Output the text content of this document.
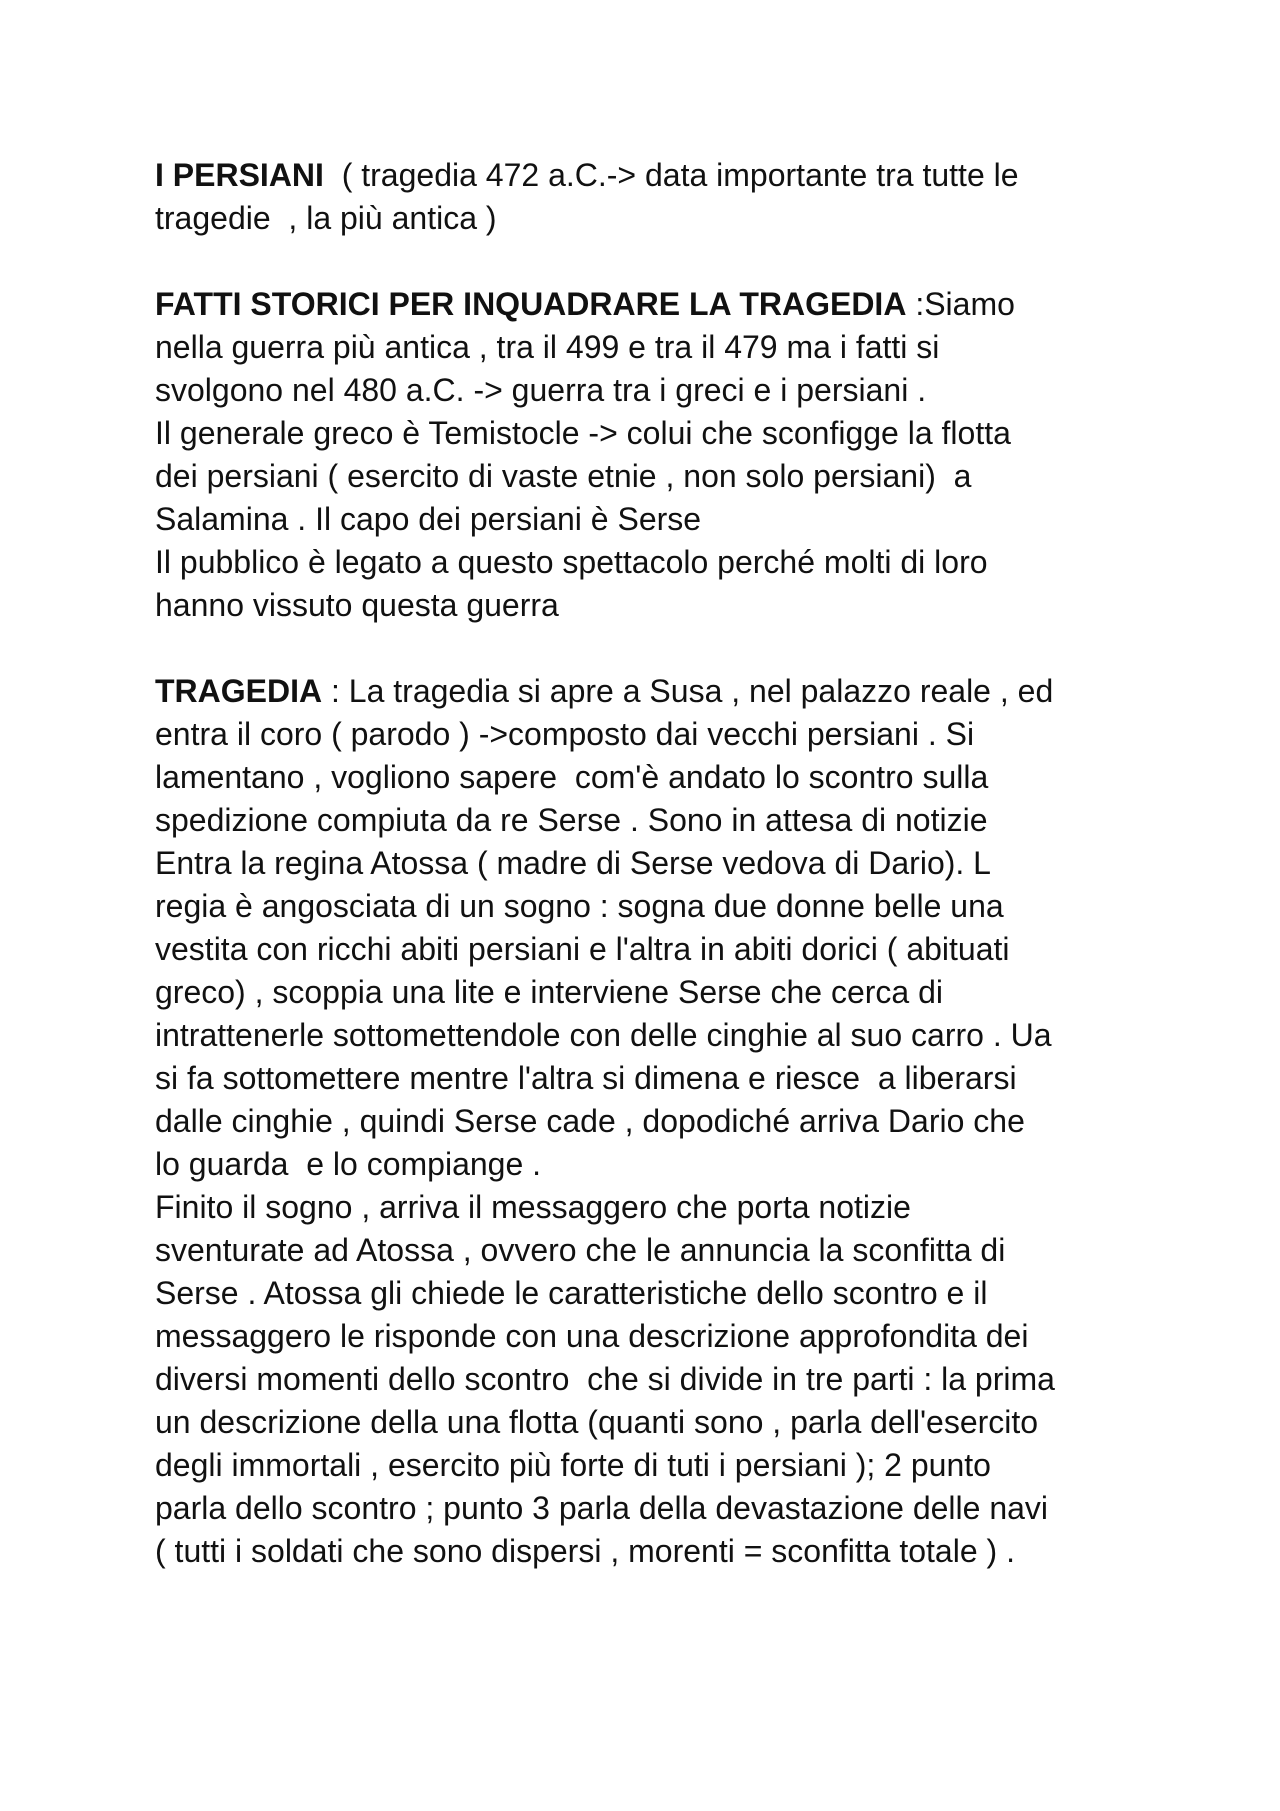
I PERSIANI  ( tragedia 472 a.C.-> data importante tra tutte le
tragedie  , la più antica )
FATTI STORICI PER INQUADRARE LA TRAGEDIA :Siamo
nella guerra più antica , tra il 499 e tra il 479 ma i fatti si
svolgono nel 480 a.C. -> guerra tra i greci e i persiani .
Il generale greco è Temistocle -> colui che sconfigge la flotta
dei persiani ( esercito di vaste etnie , non solo persiani)  a
Salamina . Il capo dei persiani è Serse
Il pubblico è legato a questo spettacolo perché molti di loro
hanno vissuto questa guerra
TRAGEDIA : La tragedia si apre a Susa , nel palazzo reale , ed
entra il coro ( parodo ) ->composto dai vecchi persiani . Si
lamentano , vogliono sapere  com'è andato lo scontro sulla
spedizione compiuta da re Serse . Sono in attesa di notizie
Entra la regina Atossa ( madre di Serse vedova di Dario). L
regia è angosciata di un sogno : sogna due donne belle una
vestita con ricchi abiti persiani e l'altra in abiti dorici ( abituati
greco) , scoppia una lite e interviene Serse che cerca di
intrattenerle sottomettendole con delle cinghie al suo carro . Ua
si fa sottomettere mentre l'altra si dimena e riesce  a liberarsi
dalle cinghie , quindi Serse cade , dopodiché arriva Dario che
lo guarda  e lo compiange .
Finito il sogno , arriva il messaggero che porta notizie
sventurate ad Atossa , ovvero che le annuncia la sconfitta di
Serse . Atossa gli chiede le caratteristiche dello scontro e il
messaggero le risponde con una descrizione approfondita dei
diversi momenti dello scontro  che si divide in tre parti : la prima
un descrizione della una flotta (quanti sono , parla dell'esercito
degli immortali , esercito più forte di tuti i persiani ); 2 punto
parla dello scontro ; punto 3 parla della devastazione delle navi
( tutti i soldati che sono dispersi , morenti = sconfitta totale ) .
